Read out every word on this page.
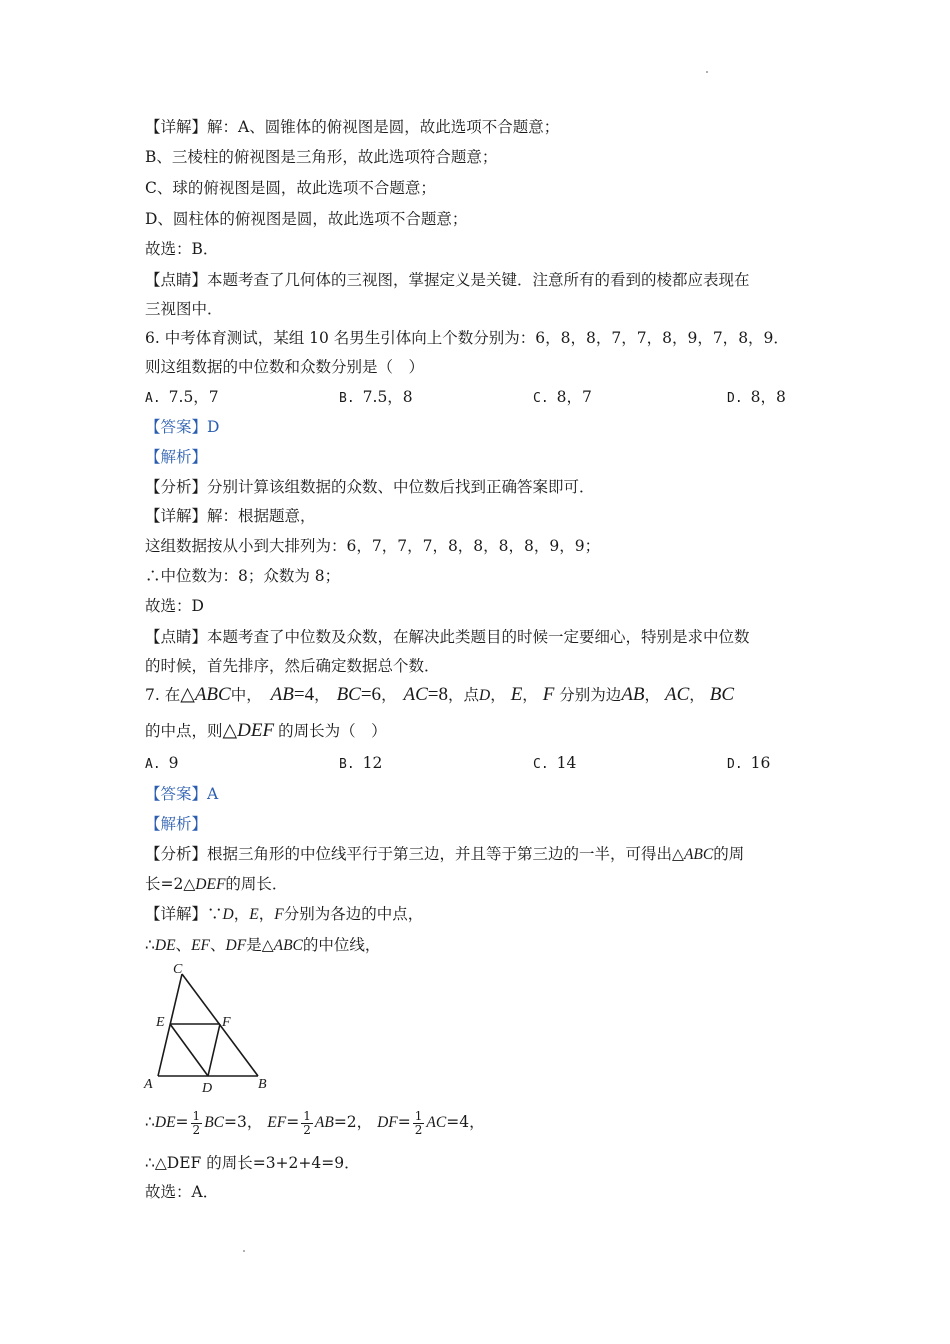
【详解】解：A、圆锥体的俯视图是圆，故此选项不合题意；
B、三棱柱的俯视图是三角形，故此选项符合题意；
C、球的俯视图是圆，故此选项不合题意；
D、圆柱体的俯视图是圆，故此选项不合题意；
故选：B．
【点睛】本题考查了几何体的三视图，掌握定义是关键．注意所有的看到的棱都应表现在
三视图中．
6. 中考体育测试，某组 10 名男生引体向上个数分别为：6，8，8，7，7，8，9，7，8，9．
则这组数据的中位数和众数分别是（　）
A. 7.5，7	B. 7.5，8	C. 8，7	D. 8，8
【答案】D
【解析】
【分析】分别计算该组数据的众数、中位数后找到正确答案即可．
【详解】解：根据题意，
这组数据按从小到大排列为：6，7，7，7，8，8，8，8，9，9；
∴中位数为：8；众数为 8；
故选：D
【点睛】本题考查了中位数及众数，在解决此类题目的时候一定要细心，特别是求中位数
的时候，首先排序，然后确定数据总个数．
7. 在△ABC中， AB=4， BC=6， AC=8，点D， E， F 分别为边AB， AC， BC
的中点，则△DEF 的周长为（　）
A. 9	B. 12	C. 14	D. 16
【答案】A
【解析】
【分析】根据三角形的中位线平行于第三边，并且等于第三边的一半，可得出△ABC的周
长=2△DEF的周长．
【详解】∵D，E，F分别为各边的中点，
∴DE、EF、DF是△ABC的中位线，
C
E	F
A	D	B
∴DE= $\frac{1}{2} BC=3$， $EF= \frac{1}{2} AB=2$， $DF= \frac{1}{2} AC=4$，
∴△DEF 的周长=3+2+4=9．
故选：A．
